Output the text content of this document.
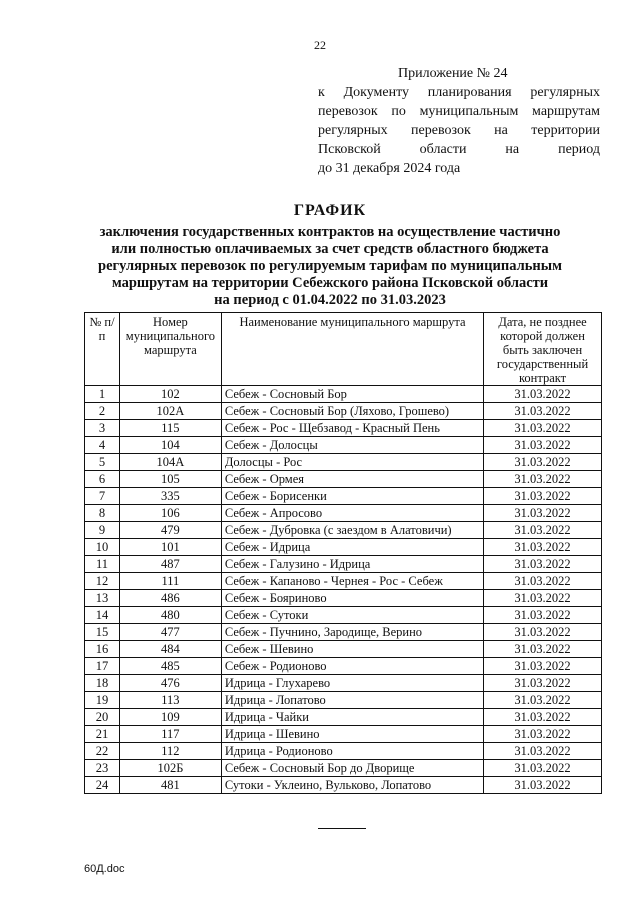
22
Приложение № 24
к Документу планирования регулярных
перевозок по муниципальным маршрутам
регулярных перевозок на территории
Псковской области на период
до 31 декабря 2024 года
ГРАФИК
заключения государственных контрактов на осуществление частично
или полностью оплачиваемых за счет средств областного бюджета
регулярных перевозок по регулируемым тарифам по муниципальным
маршрутам на территории Себежского района Псковской области
на период с 01.04.2022 по 31.03.2023
№ п/п	Номер муниципального маршрута	Наименование муниципального маршрута	Дата, не позднее которой должен быть заключен государственный контракт
1	102	Себеж - Сосновый Бор	31.03.2022
2	102А	Себеж - Сосновый Бор (Ляхово, Грошево)	31.03.2022
3	115	Себеж - Рос - Щебзавод - Красный Пень	31.03.2022
4	104	Себеж - Долосцы	31.03.2022
5	104А	Долосцы - Рос	31.03.2022
6	105	Себеж - Ормея	31.03.2022
7	335	Себеж - Борисенки	31.03.2022
8	106	Себеж - Апросово	31.03.2022
9	479	Себеж - Дубровка (с заездом в Алатовичи)	31.03.2022
10	101	Себеж - Идрица	31.03.2022
11	487	Себеж - Галузино - Идрица	31.03.2022
12	111	Себеж - Капаново - Чернея - Рос - Себеж	31.03.2022
13	486	Себеж - Бояриново	31.03.2022
14	480	Себеж - Сутоки	31.03.2022
15	477	Себеж - Пучнино, Зародище, Верино	31.03.2022
16	484	Себеж - Шевино	31.03.2022
17	485	Себеж - Родионово	31.03.2022
18	476	Идрица - Глухарево	31.03.2022
19	113	Идрица - Лопатово	31.03.2022
20	109	Идрица - Чайки	31.03.2022
21	117	Идрица - Шевино	31.03.2022
22	112	Идрица - Родионово	31.03.2022
23	102Б	Себеж - Сосновый Бор до Дворище	31.03.2022
24	481	Сутоки - Уклеино, Вульково, Лопатово	31.03.2022
60Д.doc
